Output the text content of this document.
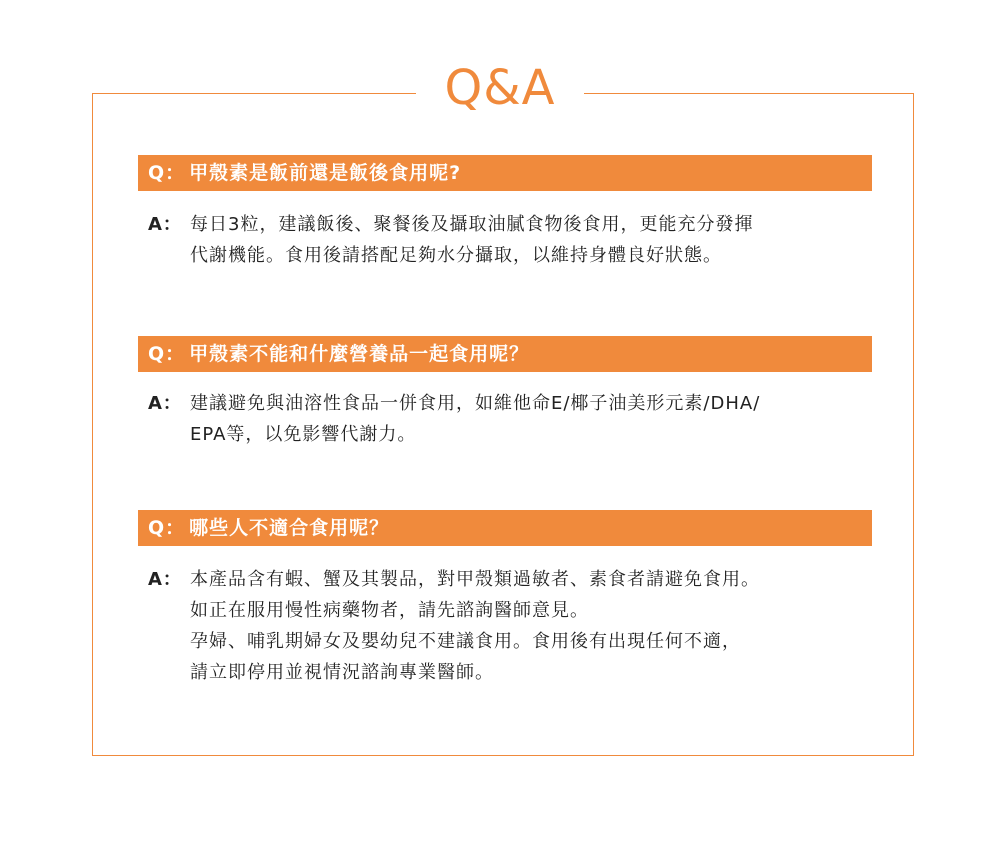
Q&A
Q： 甲殼素是飯前還是飯後食用呢?
A： 每日3粒，建議飯後、聚餐後及攝取油膩食物後食用，更能充分發揮
代謝機能。食用後請搭配足夠水分攝取，以維持身體良好狀態。
Q： 甲殼素不能和什麼營養品一起食用呢？
A： 建議避免與油溶性食品一併食用，如維他命E/椰子油美形元素/DHA/
EPA等，以免影響代謝力。
Q： 哪些人不適合食用呢？
A： 本產品含有蝦、蟹及其製品，對甲殼類過敏者、素食者請避免食用。
如正在服用慢性病藥物者，請先諮詢醫師意見。
孕婦、哺乳期婦女及嬰幼兒不建議食用。食用後有出現任何不適，
請立即停用並視情況諮詢專業醫師。
